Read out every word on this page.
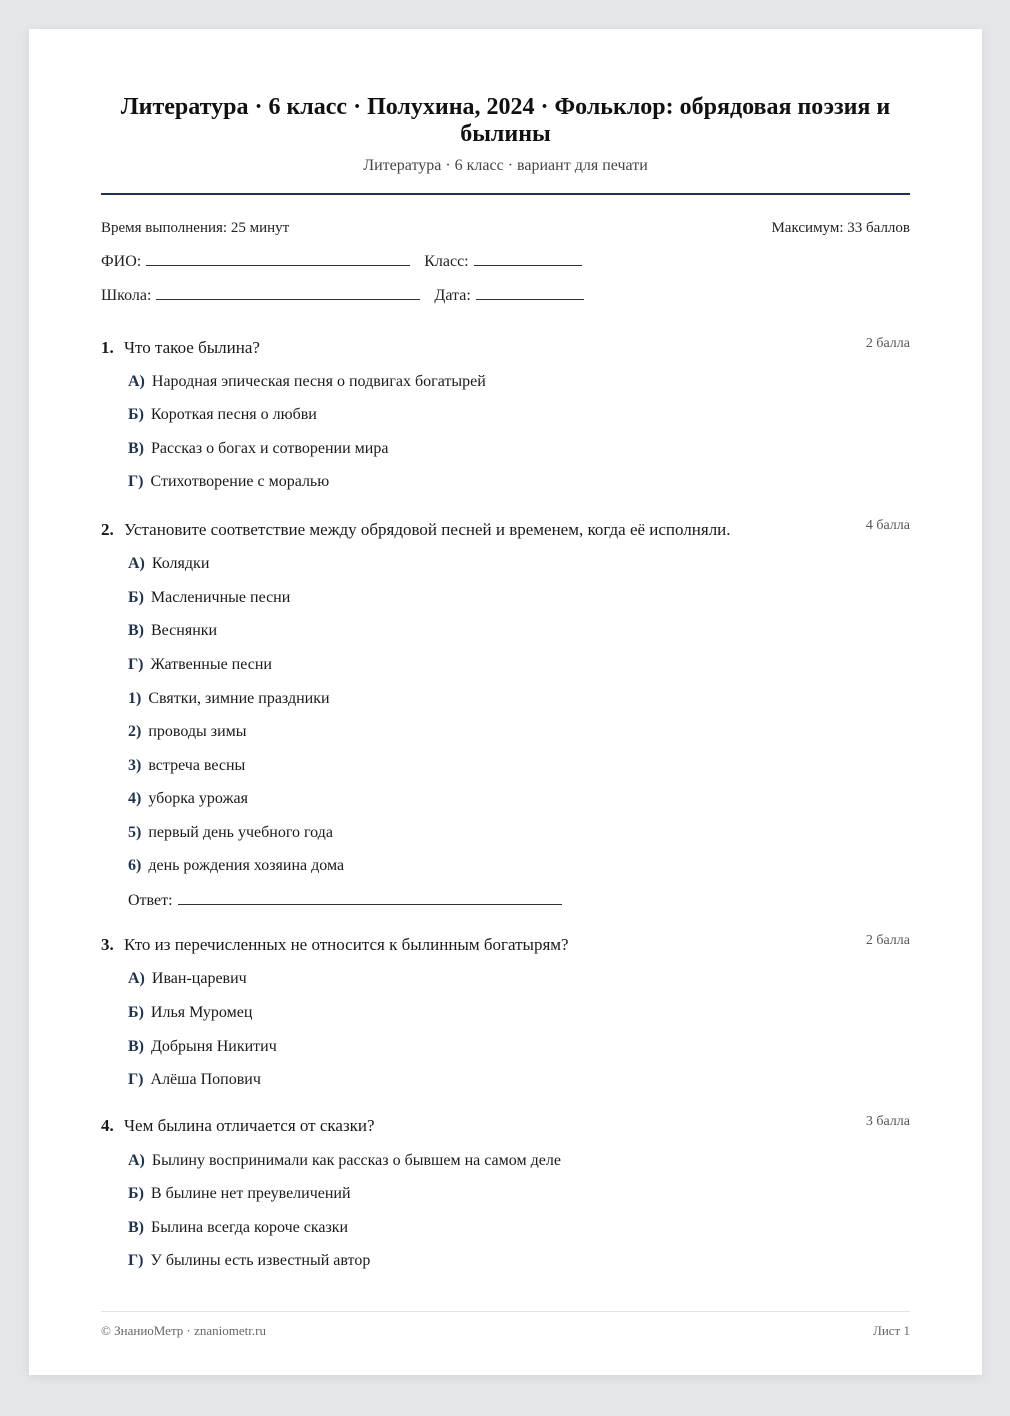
Литература · 6 класс · Полухина, 2024 · Фольклор: обрядовая поэзия и былины
Литература · 6 класс · вариант для печати
Время выполнения: 25 минут	Максимум: 33 баллов
ФИО:	Класс:
Школа:	Дата:
1. Что такое былина?	2 балла
А) Народная эпическая песня о подвигах богатырей
Б) Короткая песня о любви
В) Рассказ о богах и сотворении мира
Г) Стихотворение с моралью
2. Установите соответствие между обрядовой песней и временем, когда её исполняли.	4 балла
А) Колядки
Б) Масленичные песни
В) Веснянки
Г) Жатвенные песни
1) Святки, зимние праздники
2) проводы зимы
3) встреча весны
4) уборка урожая
5) первый день учебного года
6) день рождения хозяина дома
Ответ:
3. Кто из перечисленных не относится к былинным богатырям?	2 балла
А) Иван-царевич
Б) Илья Муромец
В) Добрыня Никитич
Г) Алёша Попович
4. Чем былина отличается от сказки?	3 балла
А) Былину воспринимали как рассказ о бывшем на самом деле
Б) В былине нет преувеличений
В) Былина всегда короче сказки
Г) У былины есть известный автор
© ЗнаниоМетр · znaniometr.ru	Лист 1
